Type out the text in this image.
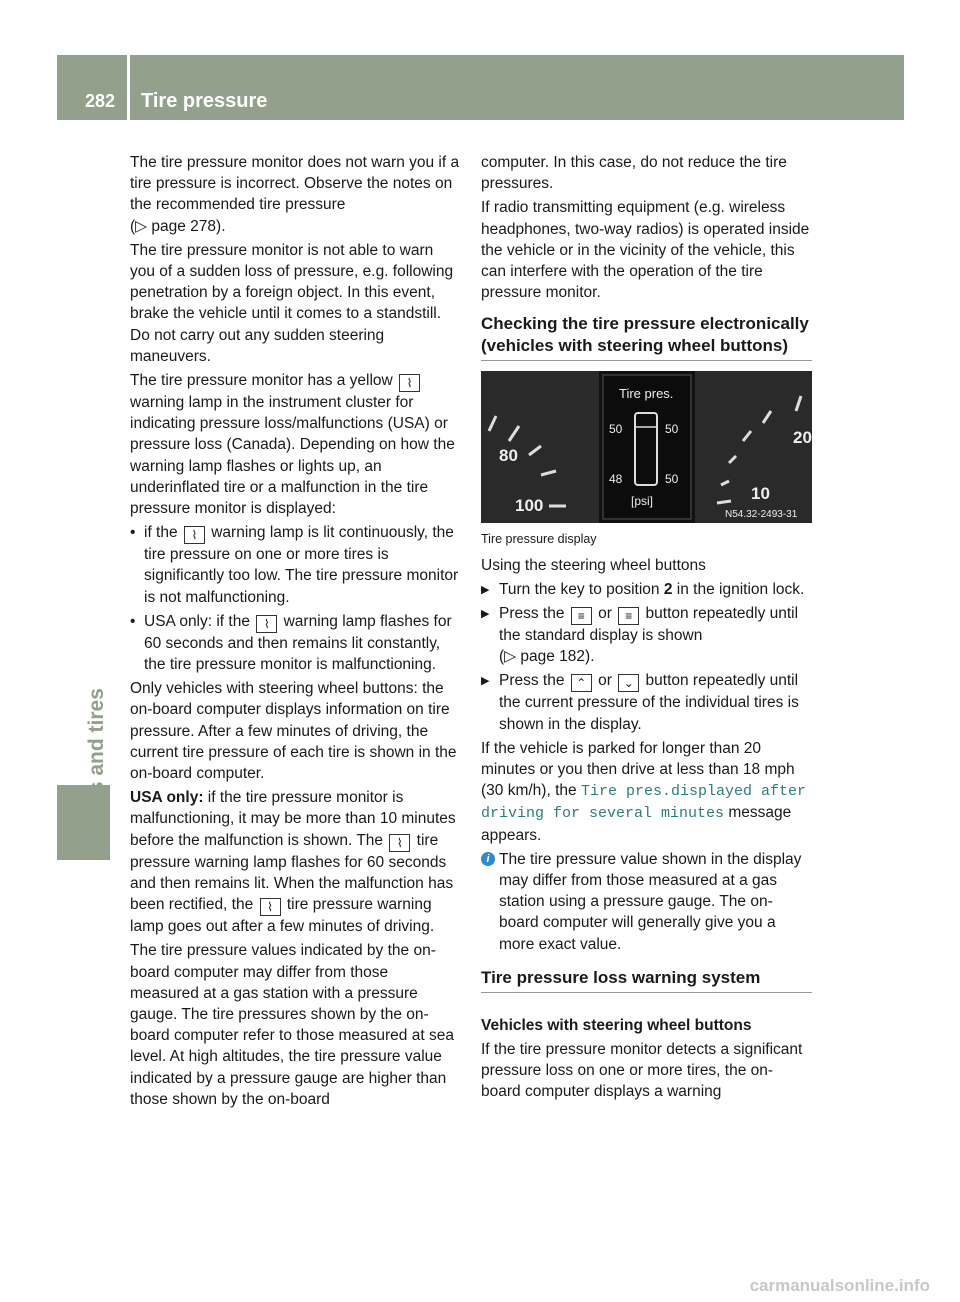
282 Tire pressure
Wheels and tires

The tire pressure monitor does not warn you if a tire pressure is incorrect. Observe the notes on the recommended tire pressure
(▷ page 278).

The tire pressure monitor is not able to warn you of a sudden loss of pressure, e.g. following penetration by a foreign object. In this event, brake the vehicle until it comes to a standstill. Do not carry out any sudden steering maneuvers.

The tire pressure monitor has a yellow ⌇ warning lamp in the instrument cluster for indicating pressure loss/malfunctions (USA) or pressure loss (Canada). Depending on how the warning lamp flashes or lights up, an underinflated tire or a malfunction in the tire pressure monitor is displayed:

• if the ⌇ warning lamp is lit continuously, the tire pressure on one or more tires is significantly too low. The tire pressure monitor is not malfunctioning.
• USA only: if the ⌇ warning lamp flashes for 60 seconds and then remains lit constantly, the tire pressure monitor is malfunctioning.

Only vehicles with steering wheel buttons: the on-board computer displays information on tire pressure. After a few minutes of driving, the current tire pressure of each tire is shown in the on-board computer.

USA only: if the tire pressure monitor is malfunctioning, it may be more than 10 minutes before the malfunction is shown. The ⌇ tire pressure warning lamp flashes for 60 seconds and then remains lit. When the malfunction has been rectified, the ⌇ tire pressure warning lamp goes out after a few minutes of driving.

The tire pressure values indicated by the on-board computer may differ from those measured at a gas station with a pressure gauge. The tire pressures shown by the on-board computer refer to those measured at sea level. At high altitudes, the tire pressure value indicated by a pressure gauge are higher than those shown by the on-board

computer. In this case, do not reduce the tire pressures.

If radio transmitting equipment (e.g. wireless headphones, two-way radios) is operated inside the vehicle or in the vicinity of the vehicle, this can interfere with the operation of the tire pressure monitor.

Checking the tire pressure electronically (vehicles with steering wheel buttons)
80
100
20
10
Tire pres.
50	50
48	50
[psi]
N54.32-2493-31
Tire pressure display

Using the steering wheel buttons

▶ Turn the key to position 2 in the ignition lock.
▶ Press the ≡ or ≡ button repeatedly until the standard display is shown
(▷ page 182).
▶ Press the ⌃ or ⌄ button repeatedly until the current pressure of the individual tires is shown in the display.

If the vehicle is parked for longer than 20 minutes or you then drive at less than 18 mph (30 km/h), the Tire pres.displayed after driving for several minutes message appears.

i The tire pressure value shown in the display may differ from those measured at a gas station using a pressure gauge. The on-board computer will generally give you a more exact value.
Tire pressure loss warning system
Vehicles with steering wheel buttons

If the tire pressure monitor detects a significant pressure loss on one or more tires, the on-board computer displays a warning

carmanualsonline.info
